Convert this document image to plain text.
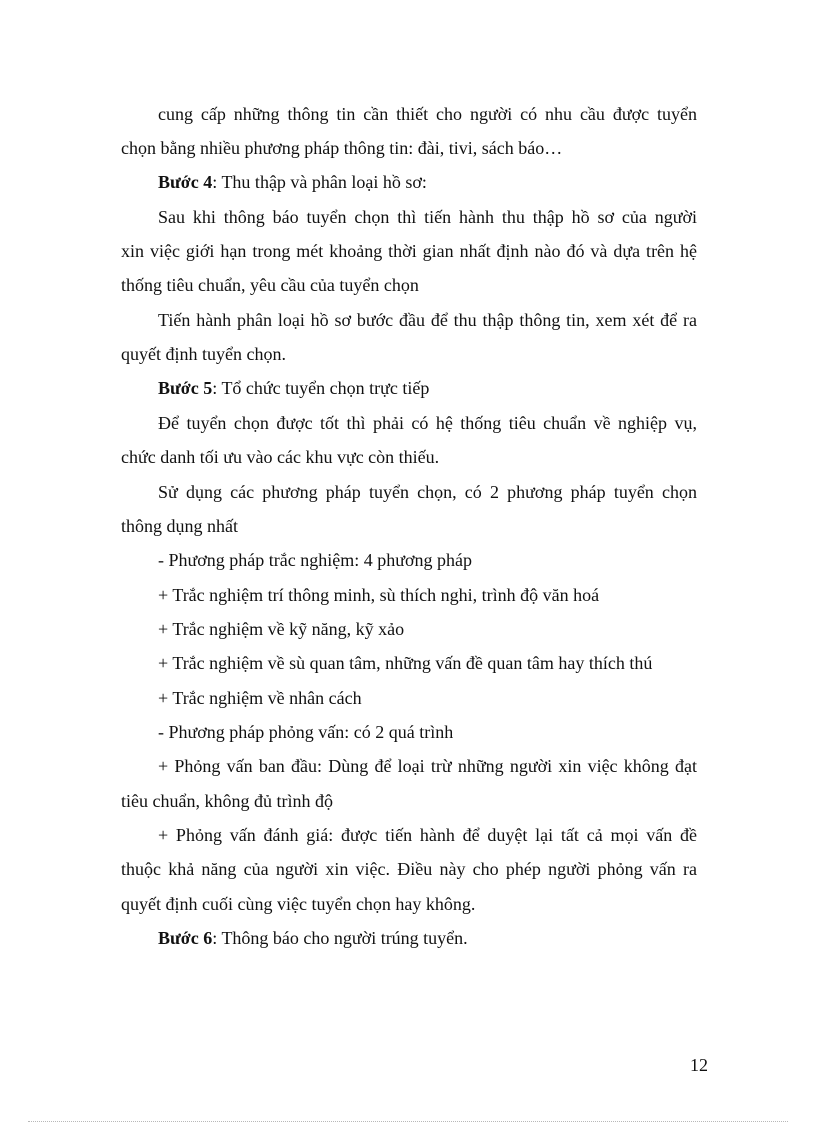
cung cấp những thông tin cần thiết cho người có nhu cầu được tuyển
chọn bằng nhiều phương pháp thông tin: đài, tivi, sách báo…
Bước 4: Thu thập và phân loại hồ sơ:
Sau khi thông báo tuyển chọn thì tiến hành thu thập hồ sơ của người
xin việc giới hạn trong mét khoảng thời gian nhất định nào đó và dựa trên hệ
thống tiêu chuẩn, yêu cầu của tuyển chọn
Tiến hành phân loại hồ sơ bước đầu để thu thập thông tin, xem xét để ra
quyết định tuyển chọn.
Bước 5: Tổ chức tuyển chọn trực tiếp
Để tuyển chọn được tốt thì phải có hệ thống tiêu chuẩn về nghiệp vụ,
chức danh tối ưu vào các khu vực còn thiếu.
Sử dụng các phương pháp tuyển chọn, có 2 phương pháp tuyển chọn
thông dụng nhất
- Phương pháp trắc nghiệm: 4 phương pháp
+ Trắc nghiệm trí thông minh, sù thích nghi, trình độ văn hoá
+ Trắc nghiệm về kỹ năng, kỹ xảo
+ Trắc nghiệm về sù quan tâm, những vấn đề quan tâm hay thích thú
+ Trắc nghiệm về nhân cách
- Phương pháp phỏng vấn: có 2 quá trình
+ Phỏng vấn ban đầu: Dùng để loại trừ những người xin việc không đạt
tiêu chuẩn, không đủ trình độ
+ Phỏng vấn đánh giá: được tiến hành để duyệt lại tất cả mọi vấn đề
thuộc khả năng của người xin việc. Điều này cho phép người phỏng vấn ra
quyết định cuối cùng việc tuyển chọn hay không.
Bước 6: Thông báo cho người trúng tuyển.
12
